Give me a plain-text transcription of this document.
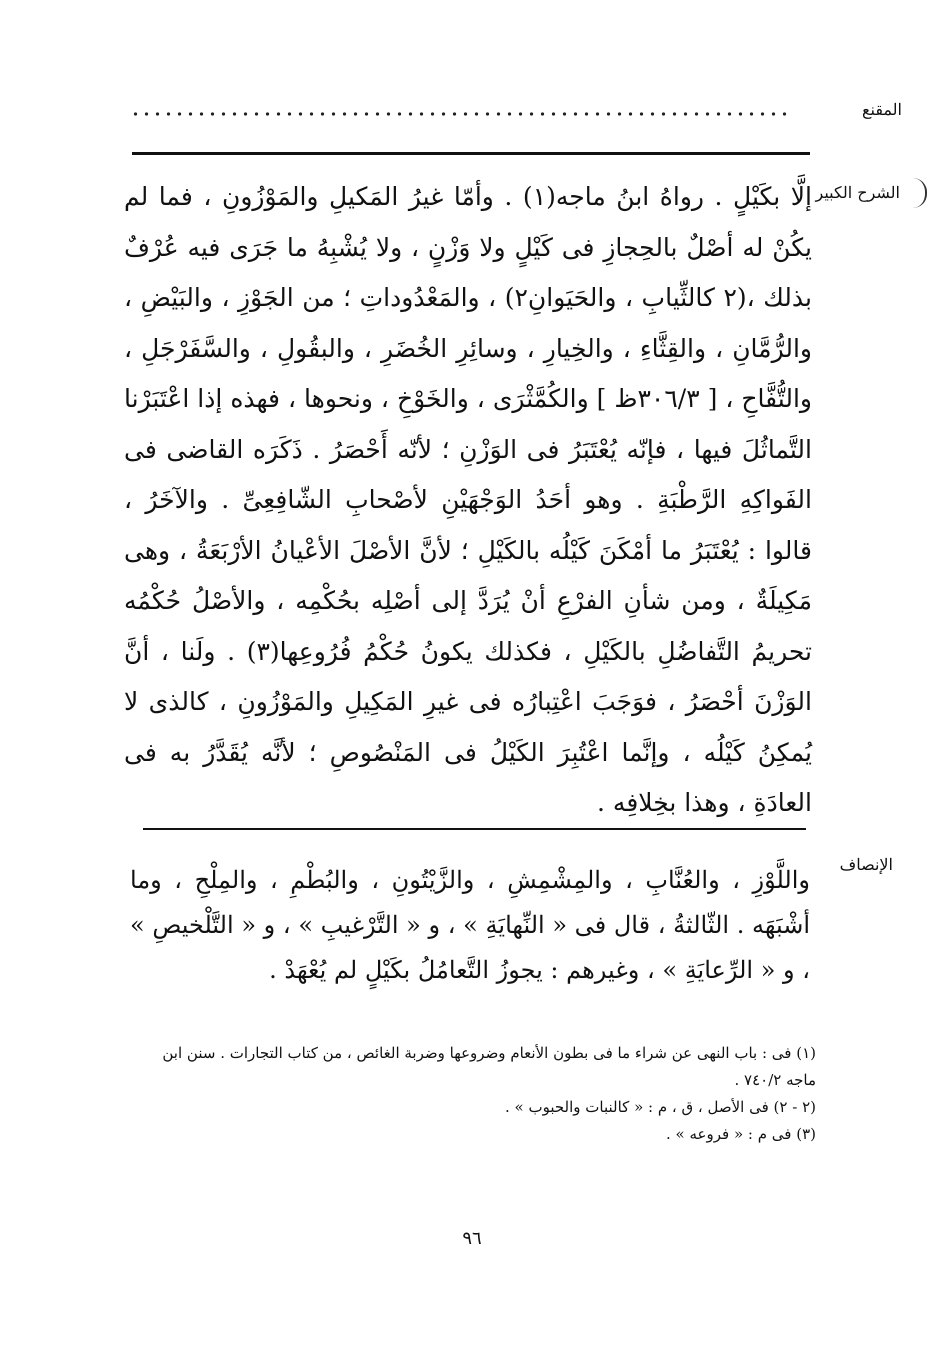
المقنع
الشرح الكبير
إلَّا بكَيْلٍ . رواهُ ابنُ ماجه(١) . وأمّا غيرُ المَكيلِ والمَوْزُونِ ، فما لم يكُنْ له أصْلٌ بالحِجازِ فى كَيْلٍ ولا وَزْنٍ ، ولا يُشْبِهُ ما جَرَى فيه عُرْفٌ بذلك ،(٢ كالثِّيابِ ، والحَيَوانِ٢) ، والمَعْدُوداتِ ؛ من الجَوْزِ ، والبَيْضِ ، والرُّمَّانِ ، والقِثَّاءِ ، والخِيارِ ، وسائِرِ الخُضَرِ ، والبقُولِ ، والسَّفَرْجَلِ ، والتُّفَّاحِ ، [ ٣٠٦/٣ظ ] والكُمَّثْرَى ، والخَوْخِ ، ونحوها ، فهذه إذا اعْتَبَرْنا التَّماثُلَ فيها ، فإنّه يُعْتَبَرُ فى الوَزْنِ ؛ لأنّه أَحْصَرُ . ذَكَرَه القاضى فى الفَواكِهِ الرَّطْبَةِ . وهو أحَدُ الوَجْهَيْنِ لأصْحابِ الشّافِعِىِّ . والآخَرُ ، قالوا : يُعْتَبَرُ ما أمْكَنَ كَيْلُه بالكَيْلِ ؛ لأنَّ الأصْلَ الأعْيانُ الأرْبَعَةُ ، وهى مَكِيلَةٌ ، ومن شأنِ الفرْعِ أنْ يُرَدَّ إلى أصْلِه بحُكْمِه ، والأصْلُ حُكْمُه تحريمُ التَّفاضُلِ بالكَيْلِ ، فكذلك يكونُ حُكْمُ فُرُوعِها(٣) . ولَنا ، أنَّ الوَزْنَ أحْصَرُ ، فوَجَبَ اعْتِبارُه فى غيرِ المَكِيلِ والمَوْزُونِ ، كالذى لا يُمكِنُ كَيْلُه ، وإنَّما اعْتُبِرَ الكَيْلُ فى المَنْصُوصِ ؛ لأنَّه يُقَدَّرُ به فى العادَةِ ، وهذا بخِلافِه .
الإنصاف
واللَّوْزِ ، والعُنَّابِ ، والمِشْمِشِ ، والزَّيْتُونِ ، والبُطْمِ ، والمِلْحِ ، وما أشْبَهَه . الثّالثةُ ، قال فى « النِّهايَةِ » ، و « التَّرْغيبِ » ، و « التَّلْخيصِ » ، و « الرِّعايَةِ » ، وغيرهم : يجوزُ التَّعامُلُ بكَيْلٍ لم يُعْهَدْ .

(١) فى : باب النهى عن شراء ما فى بطون الأنعام وضروعها وضربة الغائص ، من كتاب التجارات . سنن ابن ماجه ٧٤٠/٢ .

(٢ - ٢) فى الأصل ، ق ، م : « كالنبات والحبوب » .

(٣) فى م : « فروعه » .

٩٦
